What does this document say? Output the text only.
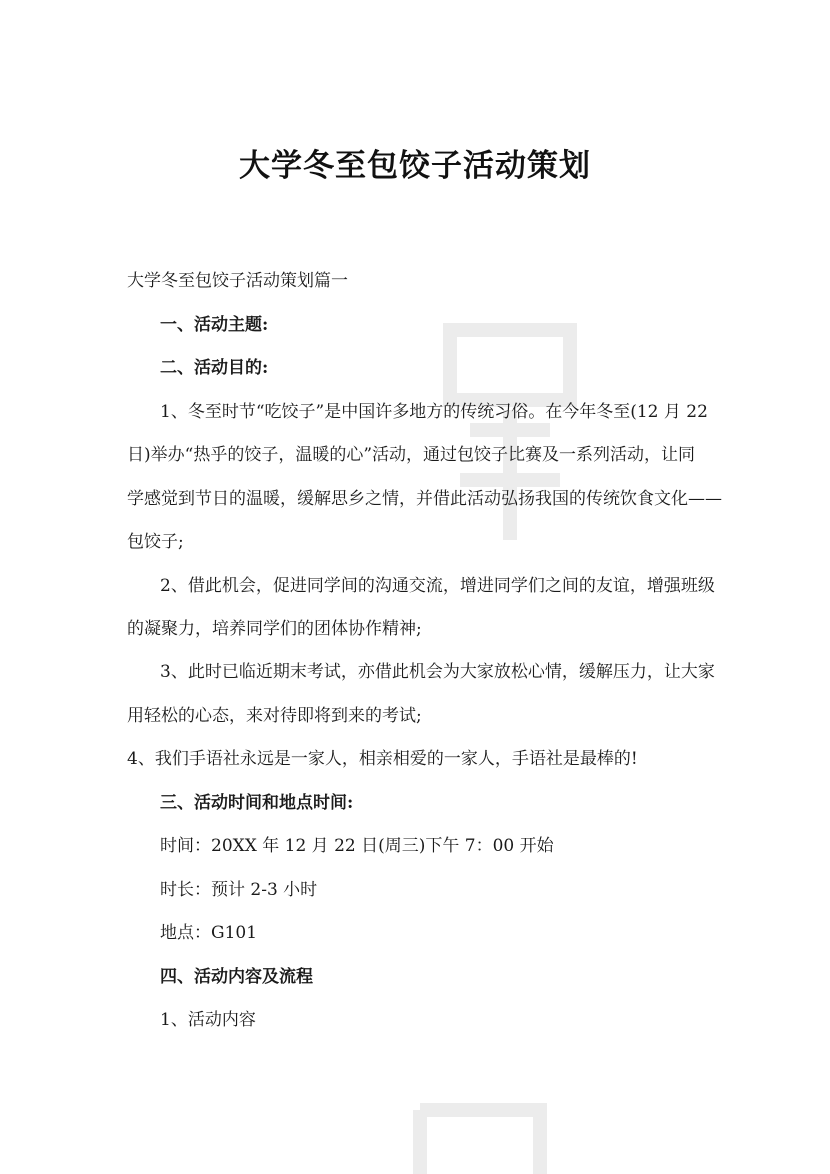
大学冬至包饺子活动策划
大学冬至包饺子活动策划篇一
一、活动主题:
二、活动目的:
1、冬至时节“吃饺子”是中国许多地方的传统习俗。在今年冬至(12 月 22
日)举办“热乎的饺子，温暖的心”活动，通过包饺子比赛及一系列活动，让同
学感觉到节日的温暖，缓解思乡之情，并借此活动弘扬我国的传统饮食文化——
包饺子;
2、借此机会，促进同学间的沟通交流，增进同学们之间的友谊，增强班级
的凝聚力，培养同学们的团体协作精神;
3、此时已临近期末考试，亦借此机会为大家放松心情，缓解压力，让大家
用轻松的心态，来对待即将到来的考试;
4、我们手语社永远是一家人，相亲相爱的一家人，手语社是最棒的!
三、活动时间和地点时间:
时间：20XX 年 12 月 22 日(周三)下午 7：00 开始
时长：预计 2-3 小时
地点：G101
四、活动内容及流程
1、活动内容
